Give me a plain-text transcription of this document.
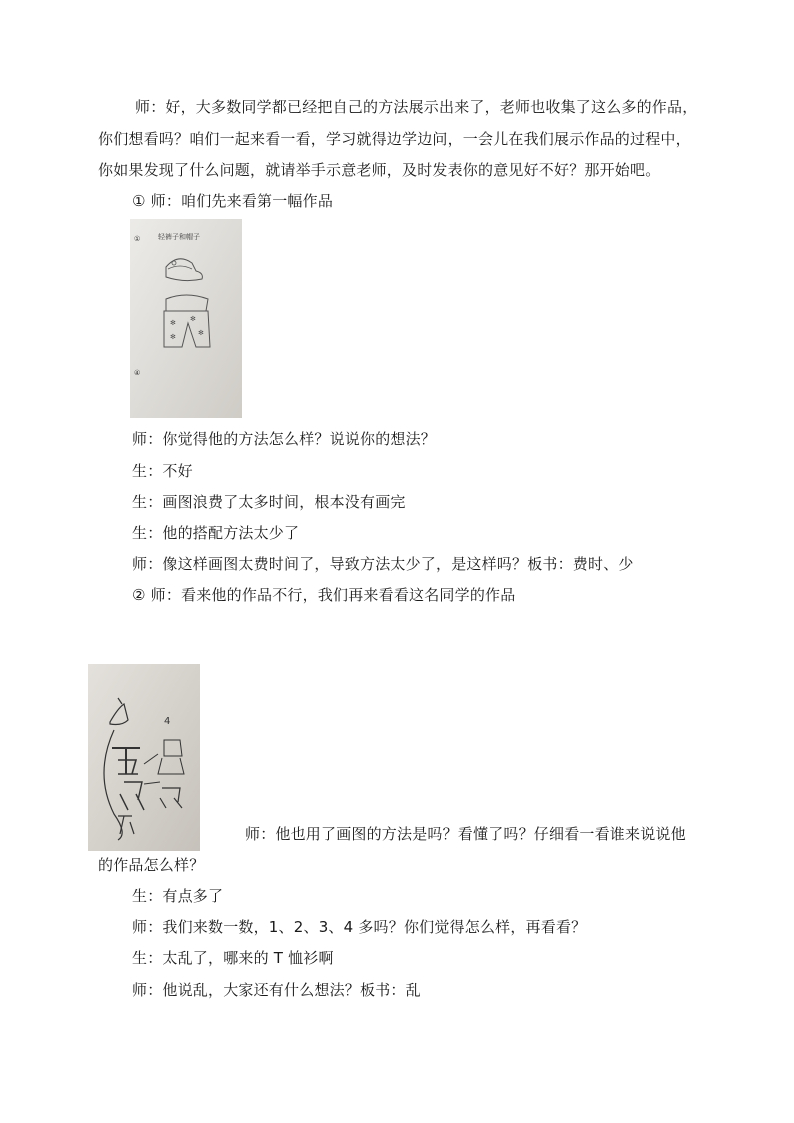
师：好，大多数同学都已经把自己的方法展示出来了，老师也收集了这么多的作品，
你们想看吗？咱们一起来看一看，学习就得边学边问，一会儿在我们展示作品的过程中，
你如果发现了什么问题，就请举手示意老师，及时发表你的意见好不好？那开始吧。
① 师：咱们先来看第一幅作品
①	轻裤子和帽子
✻ ✻
✻
✻
④
师：你觉得他的方法怎么样？说说你的想法？
生：不好
生：画图浪费了太多时间，根本没有画完
生：他的搭配方法太少了
师：像这样画图太费时间了，导致方法太少了，是这样吗？板书：费时、少
② 师：看来他的作品不行，我们再来看看这名同学的作品
4
师：他也用了画图的方法是吗？看懂了吗？仔细看一看谁来说说他
的作品怎么样？
生：有点多了
师：我们来数一数，1、2、3、4 多吗？你们觉得怎么样，再看看？
生：太乱了，哪来的 T 恤衫啊
师：他说乱，大家还有什么想法？板书：乱
